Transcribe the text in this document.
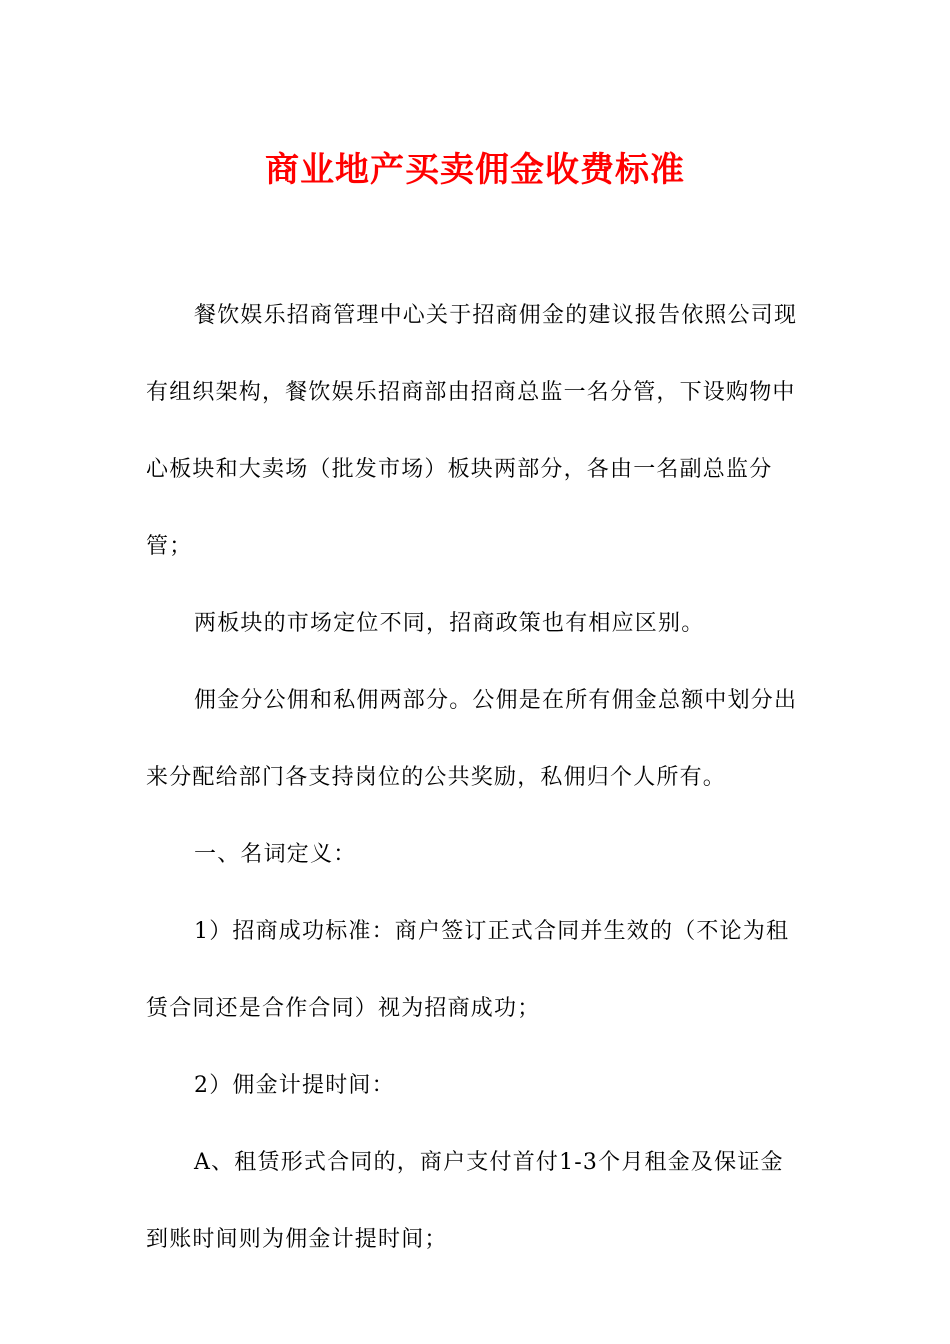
商业地产买卖佣金收费标准

餐饮娱乐招商管理中心关于招商佣金的建议报告依照公司现有组织架构，餐饮娱乐招商部由招商总监一名分管，下设购物中心板块和大卖场（批发市场）板块两部分，各由一名副总监分管；

两板块的市场定位不同，招商政策也有相应区别。

佣金分公佣和私佣两部分。公佣是在所有佣金总额中划分出来分配给部门各支持岗位的公共奖励，私佣归个人所有。

一、名词定义：

1）招商成功标准：商户签订正式合同并生效的（不论为租赁合同还是合作合同）视为招商成功；

2）佣金计提时间：

A、租赁形式合同的，商户支付首付1-3个月租金及保证金到账时间则为佣金计提时间；
